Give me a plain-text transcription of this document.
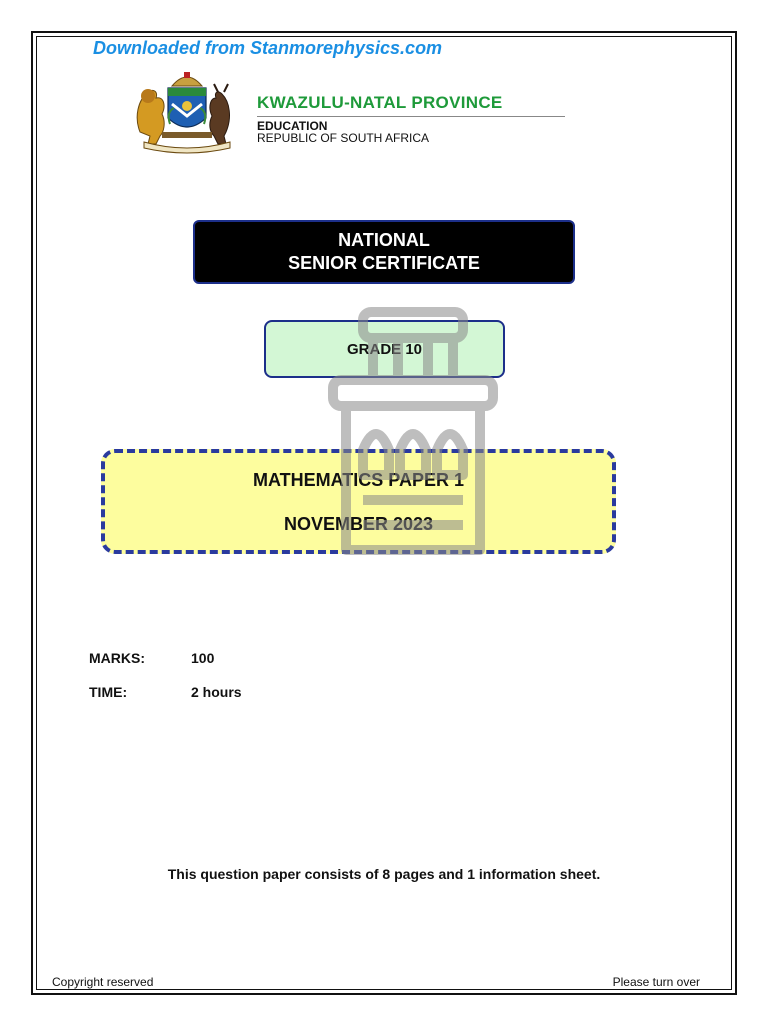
Downloaded from Stanmorephysics.com
KWAZULU-NATAL PROVINCE
EDUCATION
REPUBLIC OF SOUTH AFRICA
NATIONAL
SENIOR CERTIFICATE
GRADE 10
MATHEMATICS PAPER 1
NOVEMBER 2023
MARKS:	100
TIME:	2 hours
This question paper consists of 8 pages and 1 information sheet.
Copyright reserved	Please turn over
